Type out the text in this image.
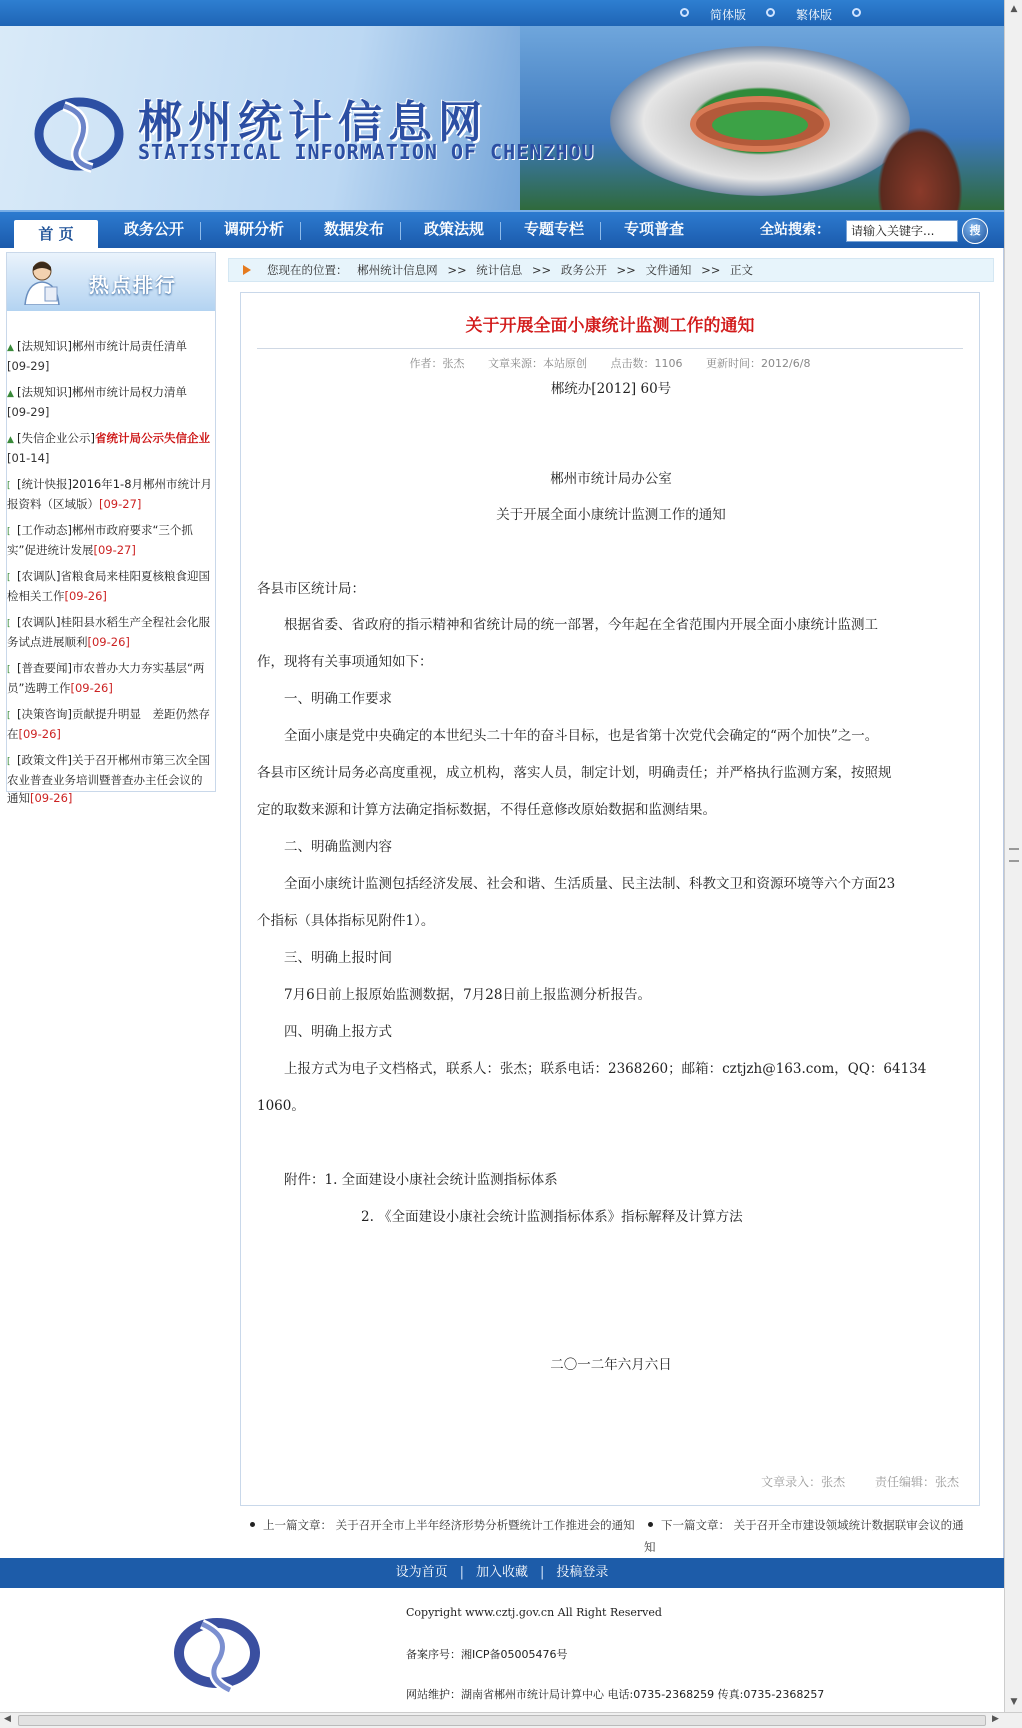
简体版	繁体版
郴州统计信息网
STATISTICAL INFORMATION OF CHENZHOU
首 页	政务公开	调研分析	数据发布	政策法规	专题专栏	专项普查	全站搜索：	请输入关键字...	搜
热点排行
▲ [法规知识]郴州市统计局责任清单
[09-29]
▲ [法规知识]郴州市统计局权力清单
[09-29]
▲ [失信企业公示]省统计局公示失信企业[01-14]
[ [统计快报]2016年1-8月郴州市统计月报资料（区域版）[09-27]
[ [工作动态]郴州市政府要求“三个抓实”促进统计发展[09-27]
[ [农调队]省粮食局来桂阳夏核粮食迎国检相关工作[09-26]
[ [农调队]桂阳县水稻生产全程社会化服务试点进展顺利[09-26]
[ [普查要闻]市农普办大力夯实基层“两员”选聘工作[09-26]
[ [决策咨询]贡献提升明显　差距仍然存在[09-26]
[ [政策文件]关于召开郴州市第三次全国农业普查业务培训暨普查办主任会议的通知[09-26]
您现在的位置： 郴州统计信息网 >> 统计信息 >> 政务公开 >> 文件通知 >> 正文
关于开展全面小康统计监测工作的通知
作者：张杰 文章来源：本站原创 点击数：1106 更新时间：2012/6/8
郴统办[2012] 60号
郴州市统计局办公室
关于开展全面小康统计监测工作的通知
各县市区统计局：
　　根据省委、省政府的指示精神和省统计局的统一部署，今年起在全省范围内开展全面小康统计监测工
作，现将有关事项通知如下：
　　一、明确工作要求
　　全面小康是党中央确定的本世纪头二十年的奋斗目标，也是省第十次党代会确定的“两个加快”之一。
各县市区统计局务必高度重视，成立机构，落实人员，制定计划，明确责任；并严格执行监测方案，按照规
定的取数来源和计算方法确定指标数据，不得任意修改原始数据和监测结果。
　　二、明确监测内容
　　全面小康统计监测包括经济发展、社会和谐、生活质量、民主法制、科教文卫和资源环境等六个方面23
个指标（具体指标见附件1）。
　　三、明确上报时间
　　7月6日前上报原始监测数据，7月28日前上报监测分析报告。
　　四、明确上报方式
　　上报方式为电子文档格式，联系人：张杰；联系电话：2368260；邮箱：cztjzh@163.com，QQ：64134
1060。
　　附件：1. 全面建设小康社会统计监测指标体系
2. 《全面建设小康社会统计监测指标体系》指标解释及计算方法
二〇一二年六月六日
文章录入：张杰 责任编辑：张杰
上一篇文章： 关于召开全市上半年经济形势分析暨统计工作推进会的通知	下一篇文章： 关于召开全市建设领域统计数据联审会议的通知
设为首页 | 加入收藏 | 投稿登录
Copyright www.cztj.gov.cn All Right Reserved
备案序号：湘ICP备05005476号
网站维护：湖南省郴州市统计局计算中心 电话:0735-2368259 传真:0735-2368257
▲
▼
◀	▶
